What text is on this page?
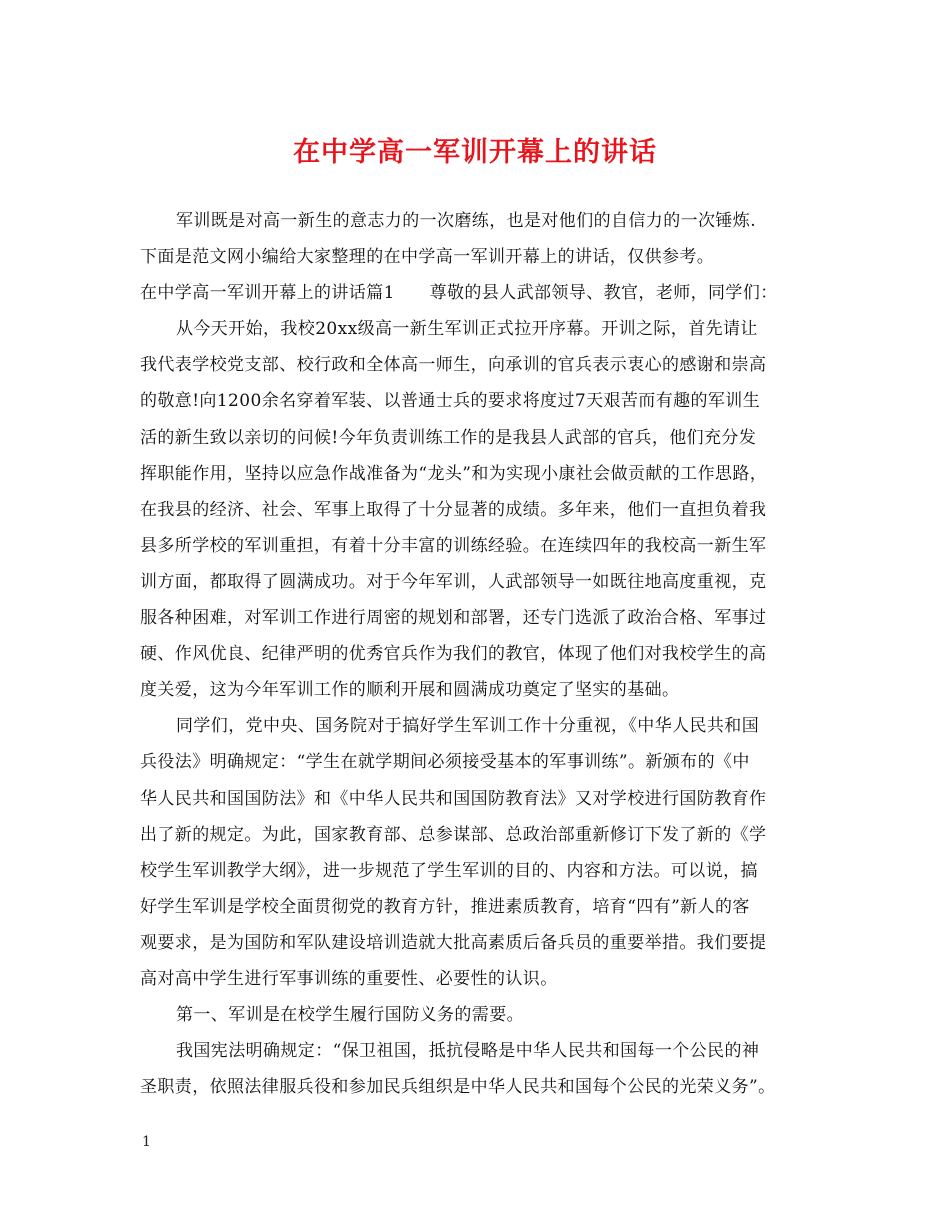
在中学高一军训开幕上的讲话
军训既是对高一新生的意志力的一次磨练，也是对他们的自信力的一次锤炼.
下面是范文网小编给大家整理的在中学高一军训开幕上的讲话，仅供参考。
在中学高一军训开幕上的讲话篇1　　尊敬的县人武部领导、教官，老师，同学们：
从今天开始，我校20xx级高一新生军训正式拉开序幕。开训之际，首先请让
我代表学校党支部、校行政和全体高一师生，向承训的官兵表示衷心的感谢和崇高
的敬意!向1200余名穿着军装、以普通士兵的要求将度过7天艰苦而有趣的军训生
活的新生致以亲切的问候!今年负责训练工作的是我县人武部的官兵，他们充分发
挥职能作用，坚持以应急作战准备为“龙头”和为实现小康社会做贡献的工作思路，
在我县的经济、社会、军事上取得了十分显著的成绩。多年来，他们一直担负着我
县多所学校的军训重担，有着十分丰富的训练经验。在连续四年的我校高一新生军
训方面，都取得了圆满成功。对于今年军训，人武部领导一如既往地高度重视，克
服各种困难，对军训工作进行周密的规划和部署，还专门选派了政治合格、军事过
硬、作风优良、纪律严明的优秀官兵作为我们的教官，体现了他们对我校学生的高
度关爱，这为今年军训工作的顺利开展和圆满成功奠定了坚实的基础。
同学们，党中央、国务院对于搞好学生军训工作十分重视，《中华人民共和国
兵役法》明确规定：“学生在就学期间必须接受基本的军事训练”。新颁布的《中
华人民共和国国防法》和《中华人民共和国国防教育法》又对学校进行国防教育作
出了新的规定。为此，国家教育部、总参谋部、总政治部重新修订下发了新的《学
校学生军训教学大纲》，进一步规范了学生军训的目的、内容和方法。可以说，搞
好学生军训是学校全面贯彻党的教育方针，推进素质教育，培育“四有”新人的客
观要求，是为国防和军队建设培训造就大批高素质后备兵员的重要举措。我们要提
高对高中学生进行军事训练的重要性、必要性的认识。
第一、军训是在校学生履行国防义务的需要。
我国宪法明确规定：“保卫祖国，抵抗侵略是中华人民共和国每一个公民的神
圣职责，依照法律服兵役和参加民兵组织是中华人民共和国每个公民的光荣义务”。
1
